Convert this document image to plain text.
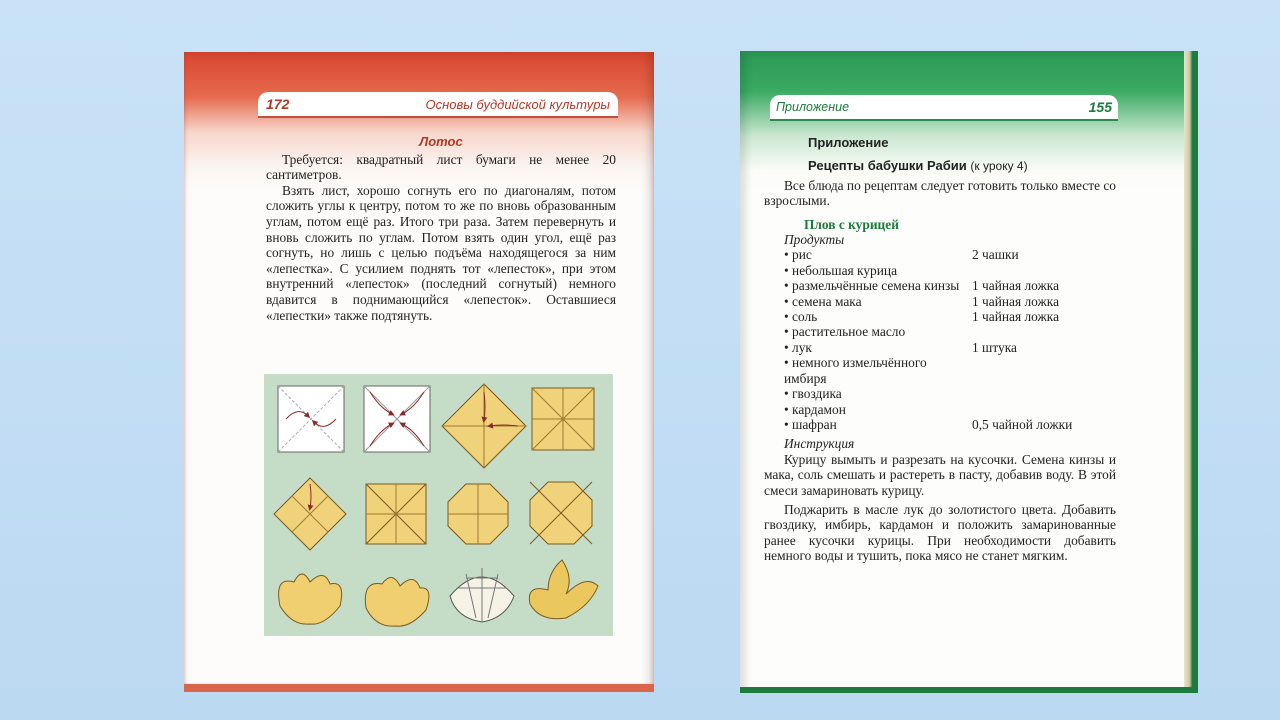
172	Основы буддийской культуры
Лотос

Требуется: квадратный лист бумаги не менее 20 сантиметров.

Взять лист, хорошо согнуть его по диагоналям, потом сложить углы к центру, потом то же по вновь образованным углам, потом ещё раз. Итого три раза. Затем перевернуть и вновь сложить по углам. Потом взять один угол, ещё раз согнуть, но лишь с целью подъёма находящегося за ним «лепестка». С усилием поднять тот «лепесток», при этом внутренний «лепесток» (последний согнутый) немного вдавится в поднимающийся «лепесток». Оставшиеся «лепестки» также подтянуть.

Приложение	155
Приложение
Рецепты бабушки Рабии (к уроку 4)

Все блюда по рецептам следует готовить только вместе со взрослыми.

Плов с курицей

Продукты

• рис	2 чашки
• небольшая курица
• размельчённые семена кинзы 1 чайная ложка
• семена мака	1 чайная ложка
• соль	1 чайная ложка
• растительное масло
• лук	1 штука
• немного измельчённого имбиря
• гвоздика
• кардамон
• шафран	0,5 чайной ложки

Инструкция

Курицу вымыть и разрезать на кусочки. Семена кинзы и мака, соль смешать и растереть в пасту, добавив воду. В этой смеси замариновать курицу.

Поджарить в масле лук до золотистого цвета. Добавить гвоздику, имбирь, кардамон и положить замаринованные ранее кусочки курицы. При необходимости добавить немного воды и тушить, пока мясо не станет мягким.
